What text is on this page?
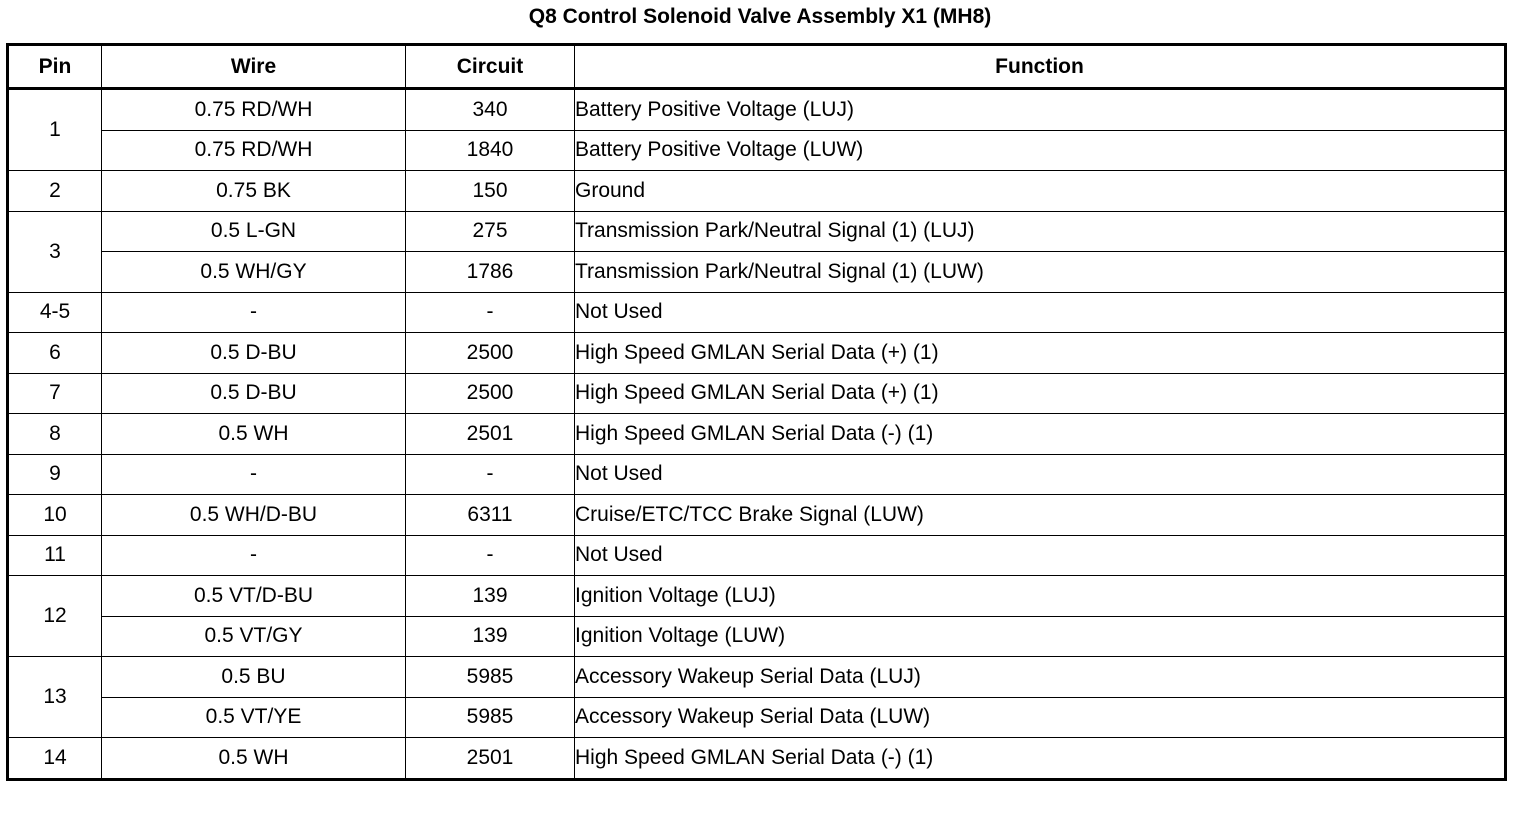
Q8 Control Solenoid Valve Assembly X1 (MH8)
Pin	Wire	Circuit	Function
1	0.75 RD/WH	340	Battery Positive Voltage (LUJ)
	0.75 RD/WH	1840	Battery Positive Voltage (LUW)
2	0.75 BK	150	Ground
3	0.5 L-GN	275	Transmission Park/Neutral Signal (1) (LUJ)
	0.5 WH/GY	1786	Transmission Park/Neutral Signal (1) (LUW)
4-5	-	-	Not Used
6	0.5 D-BU	2500	High Speed GMLAN Serial Data (+) (1)
7	0.5 D-BU	2500	High Speed GMLAN Serial Data (+) (1)
8	0.5 WH	2501	High Speed GMLAN Serial Data (-) (1)
9	-	-	Not Used
10	0.5 WH/D-BU	6311	Cruise/ETC/TCC Brake Signal (LUW)
11	-	-	Not Used
12	0.5 VT/D-BU	139	Ignition Voltage (LUJ)
	0.5 VT/GY	139	Ignition Voltage (LUW)
13	0.5 BU	5985	Accessory Wakeup Serial Data (LUJ)
	0.5 VT/YE	5985	Accessory Wakeup Serial Data (LUW)
14	0.5 WH	2501	High Speed GMLAN Serial Data (-) (1)
